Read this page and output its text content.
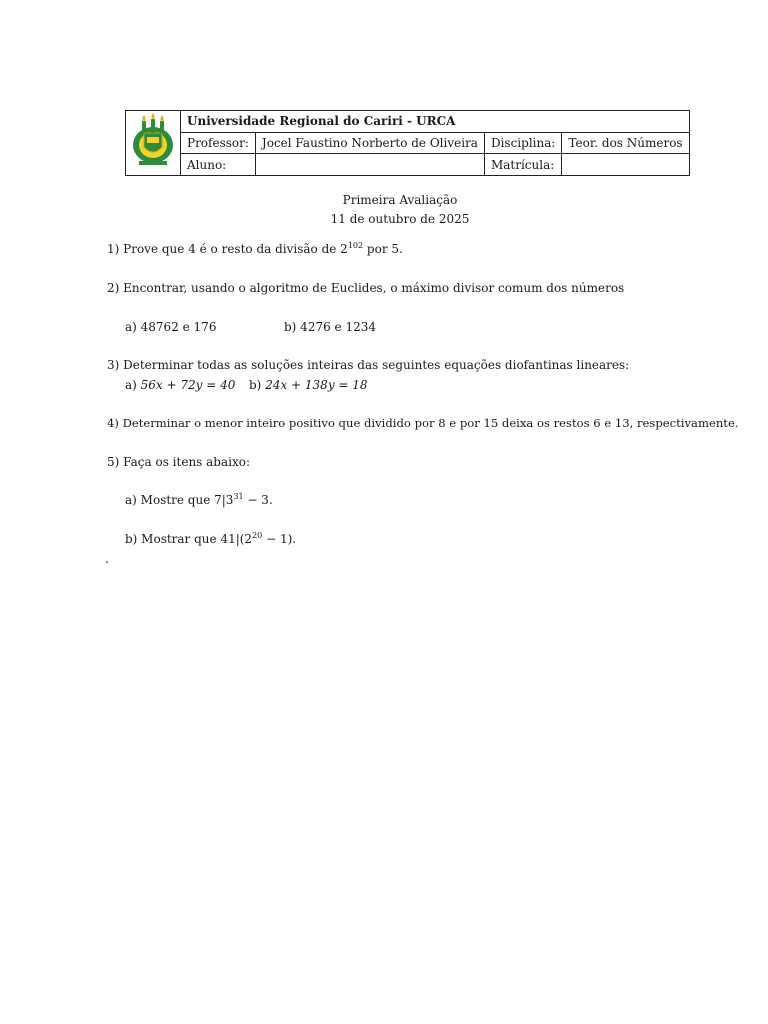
	Universidade Regional do Cariri - URCA			
	Professor:	Jocel Faustino Norberto de Oliveira	Disciplina:	Teor. dos Números
	Aluno:		Matrícula:	
Primeira Avaliação
11 de outubro de 2025
1) Prove que 4 é o resto da divisão de $2^{102}$ por 5.
2) Encontrar, usando o algoritmo de Euclides, o máximo divisor comum dos números
a) 48762 e 176	b) 4276 e 1234
3) Determinar todas as soluções inteiras das seguintes equações diofantinas lineares:
a) 56x + 72y = 40 b) 24x + 138y = 18
4) Determinar o menor inteiro positivo que dividido por 8 e por 15 deixa os restos 6 e 13, respectivamente.
5) Faça os itens abaixo:
a) Mostre que $7|3^{31} - 3$.
b) Mostrar que $41|(2^{20} - 1)$.
.
